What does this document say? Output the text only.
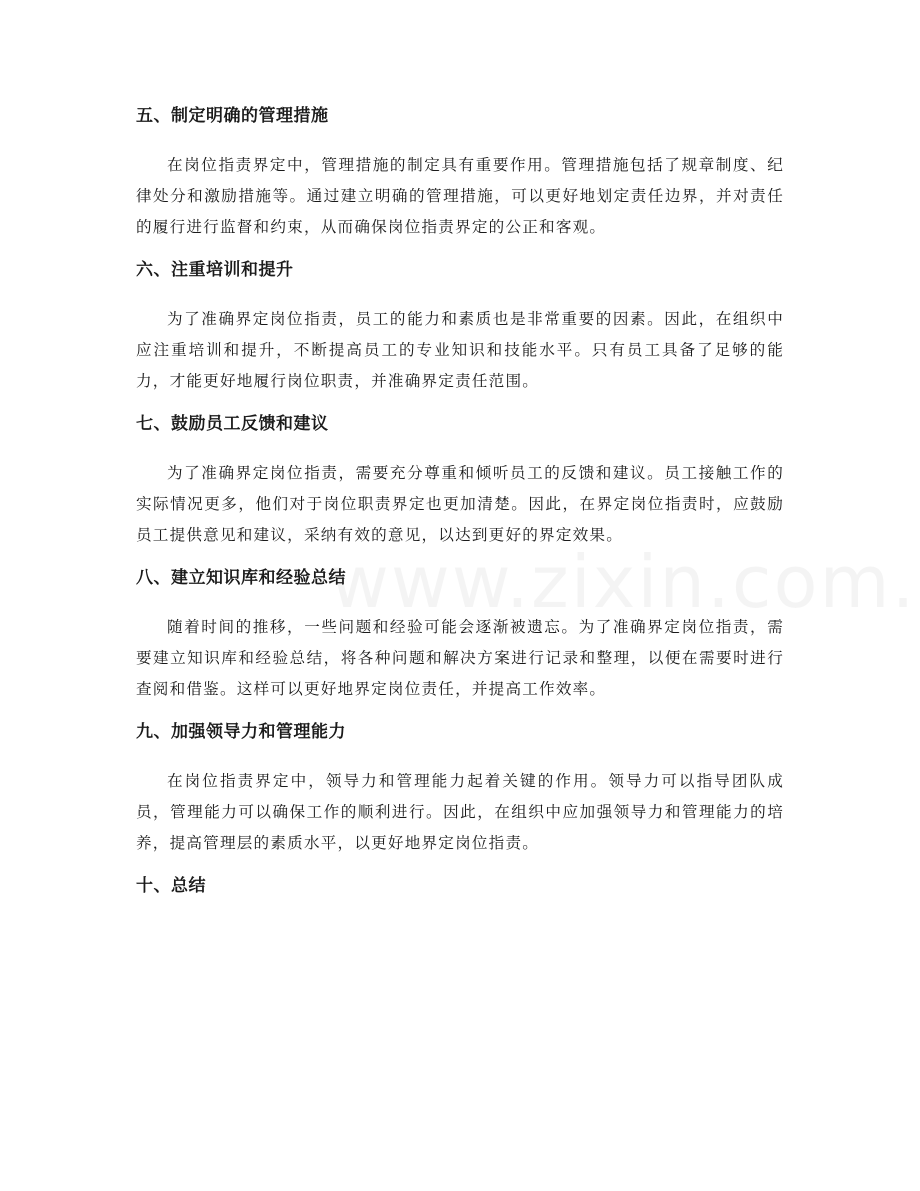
五、制定明确的管理措施

在岗位指责界定中，管理措施的制定具有重要作用。管理措施包括了规章制度、纪律处分和激励措施等。通过建立明确的管理措施，可以更好地划定责任边界，并对责任的履行进行监督和约束，从而确保岗位指责界定的公正和客观。

六、注重培训和提升

为了准确界定岗位指责，员工的能力和素质也是非常重要的因素。因此，在组织中应注重培训和提升，不断提高员工的专业知识和技能水平。只有员工具备了足够的能力，才能更好地履行岗位职责，并准确界定责任范围。

七、鼓励员工反馈和建议

为了准确界定岗位指责，需要充分尊重和倾听员工的反馈和建议。员工接触工作的实际情况更多，他们对于岗位职责界定也更加清楚。因此，在界定岗位指责时，应鼓励员工提供意见和建议，采纳有效的意见，以达到更好的界定效果。

八、建立知识库和经验总结

随着时间的推移，一些问题和经验可能会逐渐被遗忘。为了准确界定岗位指责，需要建立知识库和经验总结，将各种问题和解决方案进行记录和整理，以便在需要时进行查阅和借鉴。这样可以更好地界定岗位责任，并提高工作效率。

九、加强领导力和管理能力

在岗位指责界定中，领导力和管理能力起着关键的作用。领导力可以指导团队成员，管理能力可以确保工作的顺利进行。因此，在组织中应加强领导力和管理能力的培养，提高管理层的素质水平，以更好地界定岗位指责。

十、总结
